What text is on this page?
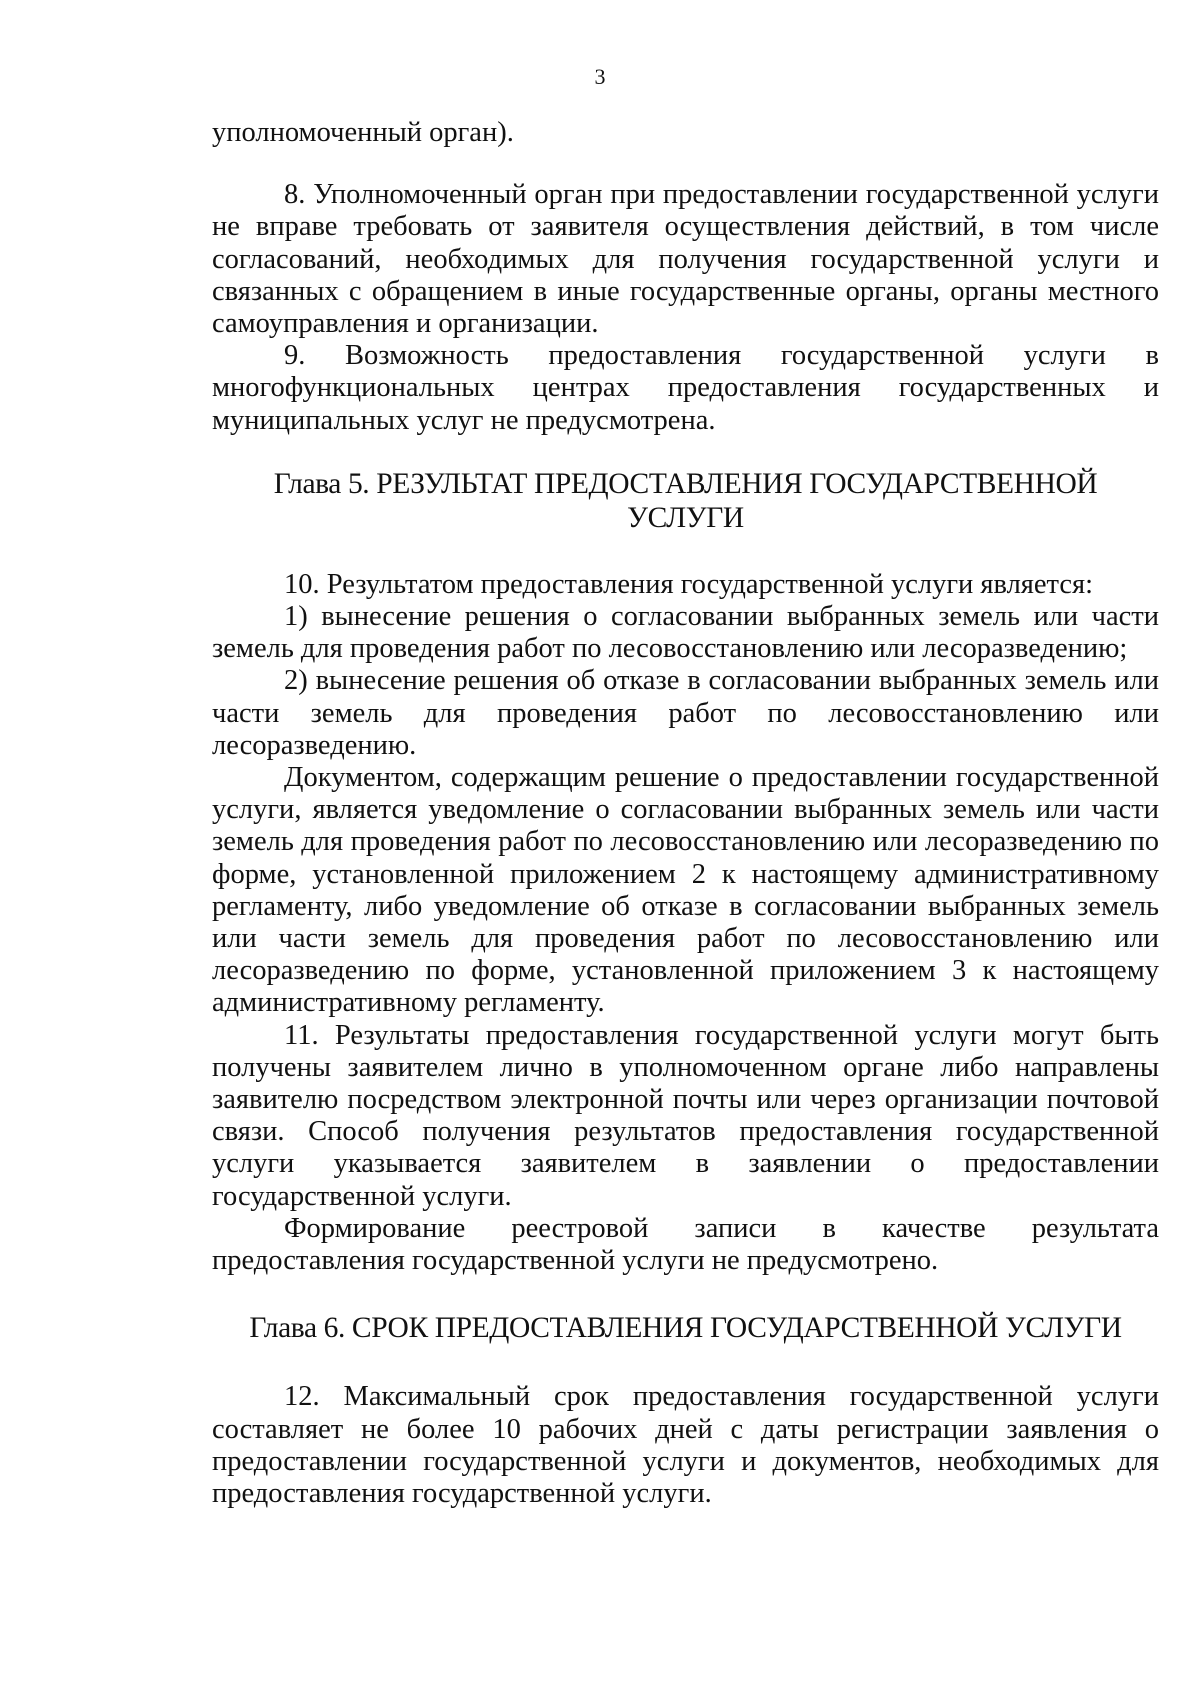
3

уполномоченный орган).

8. Уполномоченный орган при предоставлении государственной услуги не вправе требовать от заявителя осуществления действий, в том числе согласований, необходимых для получения государственной услуги и связанных с обращением в иные государственные органы, органы местного самоуправления и организации.

9. Возможность предоставления государственной услуги в многофункциональных центрах предоставления государственных и муниципальных услуг не предусмотрена.

Глава 5. РЕЗУЛЬТАТ ПРЕДОСТАВЛЕНИЯ ГОСУДАРСТВЕННОЙ УСЛУГИ

10. Результатом предоставления государственной услуги является:

1) вынесение решения о согласовании выбранных земель или части земель для проведения работ по лесовосстановлению или лесоразведению;

2) вынесение решения об отказе в согласовании выбранных земель или части земель для проведения работ по лесовосстановлению или лесоразведению.

Документом, содержащим решение о предоставлении государственной услуги, является уведомление о согласовании выбранных земель или части земель для проведения работ по лесовосстановлению или лесоразведению по форме, установленной приложением 2 к настоящему административному регламенту, либо уведомление об отказе в согласовании выбранных земель или части земель для проведения работ по лесовосстановлению или лесоразведению по форме, установленной приложением 3 к настоящему административному регламенту.

11. Результаты предоставления государственной услуги могут быть получены заявителем лично в уполномоченном органе либо направлены заявителю посредством электронной почты или через организации почтовой связи. Способ получения результатов предоставления государственной услуги указывается заявителем в заявлении о предоставлении государственной услуги.

Формирование реестровой записи в качестве результата предоставления государственной услуги не предусмотрено.

Глава 6. СРОК ПРЕДОСТАВЛЕНИЯ ГОСУДАРСТВЕННОЙ УСЛУГИ

12. Максимальный срок предоставления государственной услуги составляет не более 10 рабочих дней с даты регистрации заявления о предоставлении государственной услуги и документов, необходимых для предоставления государственной услуги.
